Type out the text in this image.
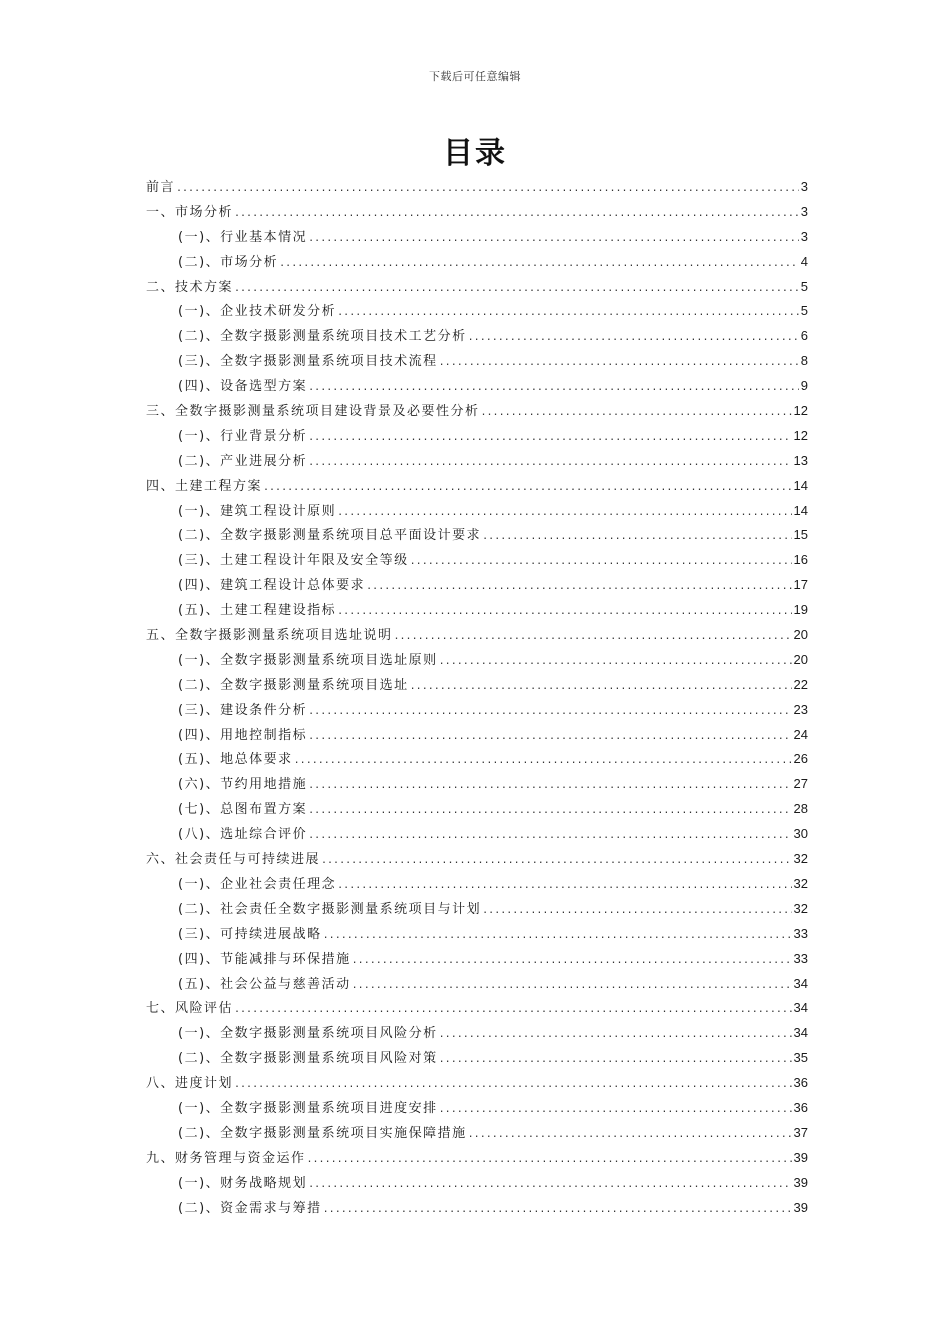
下载后可任意编辑
目录
前言 .....	3
一、市场分析 .....	3
(一)、行业基本情况 .....	3
(二)、市场分析 .....	4
二、技术方案 .....	5
(一)、企业技术研发分析 .....	5
(二)、全数字摄影测量系统项目技术工艺分析 .....	6
(三)、全数字摄影测量系统项目技术流程 .....	8
(四)、设备选型方案 .....	9
三、全数字摄影测量系统项目建设背景及必要性分析 .....	12
(一)、行业背景分析 .....	12
(二)、产业进展分析 .....	13
四、土建工程方案 .....	14
(一)、建筑工程设计原则 .....	14
(二)、全数字摄影测量系统项目总平面设计要求 .....	15
(三)、土建工程设计年限及安全等级 .....	16
(四)、建筑工程设计总体要求 .....	17
(五)、土建工程建设指标 .....	19
五、全数字摄影测量系统项目选址说明 .....	20
(一)、全数字摄影测量系统项目选址原则 .....	20
(二)、全数字摄影测量系统项目选址 .....	22
(三)、建设条件分析 .....	23
(四)、用地控制指标 .....	24
(五)、地总体要求 .....	26
(六)、节约用地措施 .....	27
(七)、总图布置方案 .....	28
(八)、选址综合评价 .....	30
六、社会责任与可持续进展 .....	32
(一)、企业社会责任理念 .....	32
(二)、社会责任全数字摄影测量系统项目与计划 .....	32
(三)、可持续进展战略 .....	33
(四)、节能减排与环保措施 .....	33
(五)、社会公益与慈善活动 .....	34
七、风险评估 .....	34
(一)、全数字摄影测量系统项目风险分析 .....	34
(二)、全数字摄影测量系统项目风险对策 .....	35
八、进度计划 .....	36
(一)、全数字摄影测量系统项目进度安排 .....	36
(二)、全数字摄影测量系统项目实施保障措施 .....	37
九、财务管理与资金运作 .....	39
(一)、财务战略规划 .....	39
(二)、资金需求与筹措 .....	39
